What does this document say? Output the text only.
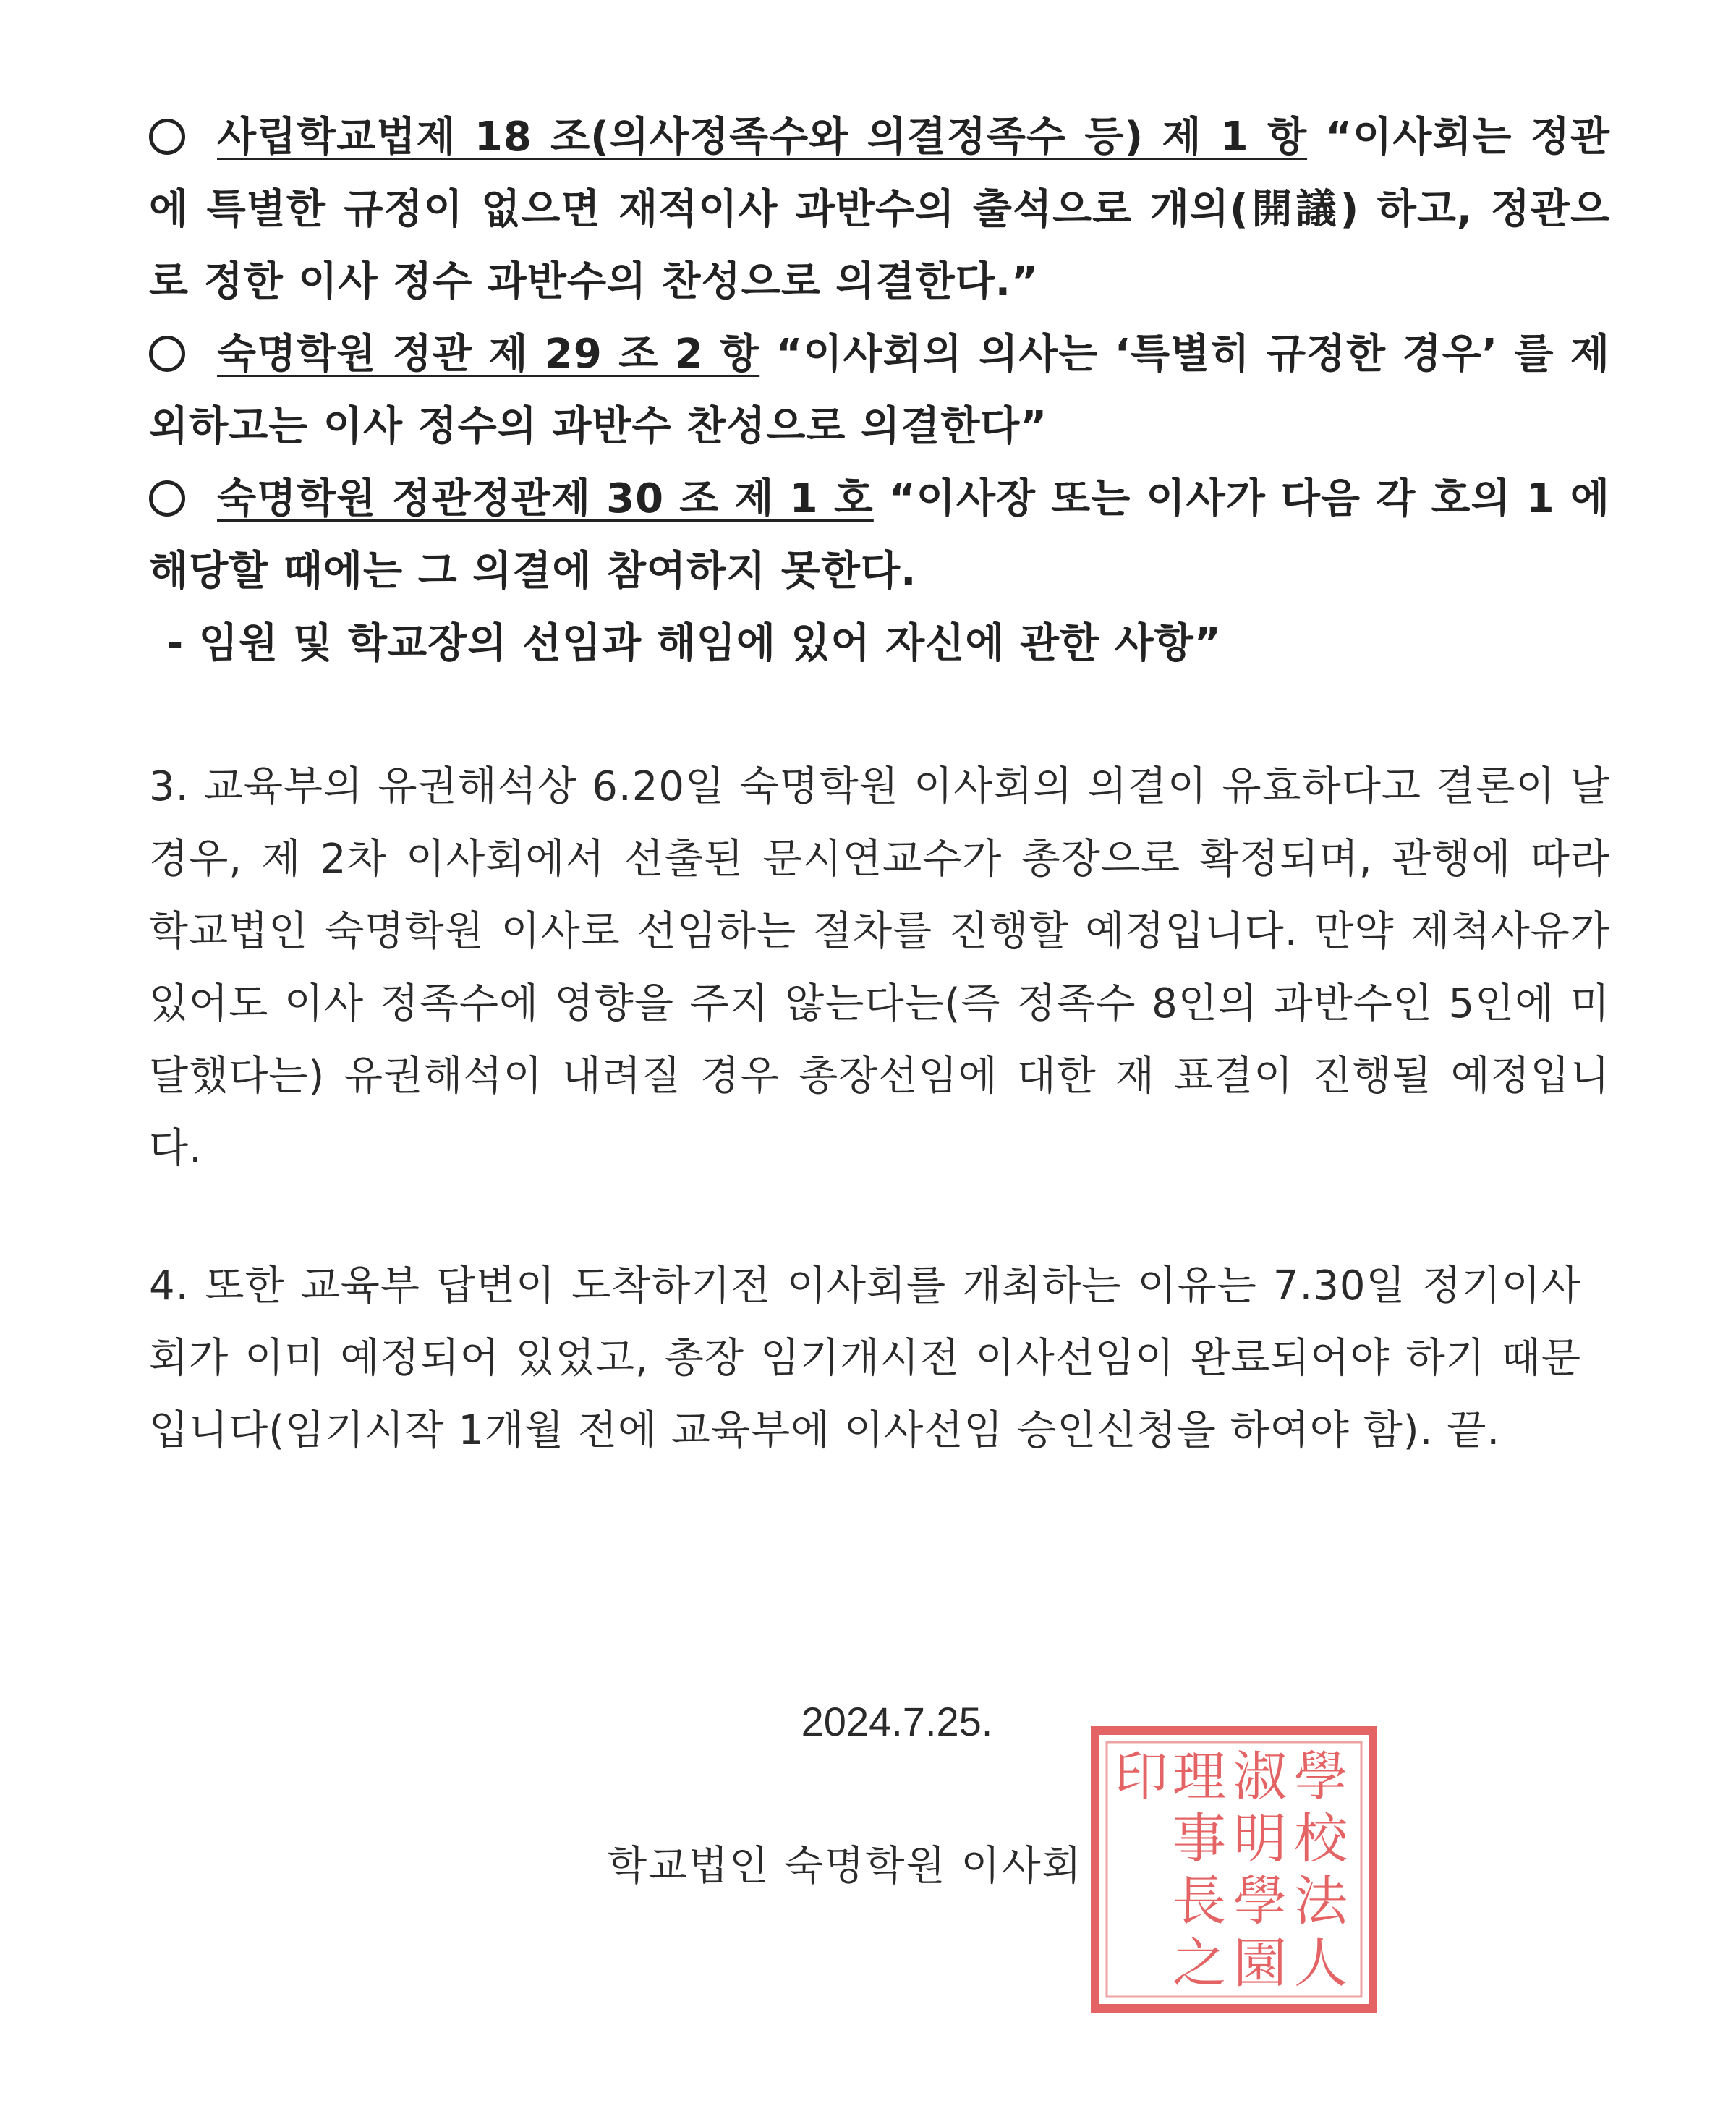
사립학교법제 18 조(의사정족수와 의결정족수 등) 제 1 항 “이사회는 정관에 특별한 규정이 없으면 재적이사 과반수의 출석으로 개의(開議) 하고, 정관으로 정한 이사 정수 과반수의 찬성으로 의결한다.”
숙명학원 정관 제 29 조 2 항 “이사회의 의사는 ‘특별히 규정한 경우’ 를 제외하고는 이사 정수의 과반수 찬성으로 의결한다”
숙명학원 정관정관제 30 조 제 1 호 “이사장 또는 이사가 다음 각 호의 1 에 해당할 때에는 그 의결에 참여하지 못한다.
- 임원 및 학교장의 선임과 해임에 있어 자신에 관한 사항”
3. 교육부의 유권해석상 6.20일 숙명학원 이사회의 의결이 유효하다고 결론이 날 경우, 제 2차 이사회에서 선출된 문시연교수가 총장으로 확정되며, 관행에 따라 학교법인 숙명학원 이사로 선임하는 절차를 진행할 예정입니다. 만약 제척사유가 있어도 이사 정족수에 영향을 주지 않는다는(즉 정족수 8인의 과반수인 5인에 미달했다는) 유권해석이 내려질 경우 총장선임에 대한 재 표결이 진행될 예정입니다.
4. 또한 교육부 답변이 도착하기전 이사회를 개최하는 이유는 7.30일 정기이사회가 이미 예정되어 있었고, 총장 임기개시전 이사선임이 완료되어야 하기 때문입니다(임기시작 1개월 전에 교육부에 이사선임 승인신청을 하여야 함). 끝.
2024.7.25.
학교법인 숙명학원 이사회
學
校
法
人
淑
明
學
園
理
事
長
之
印
